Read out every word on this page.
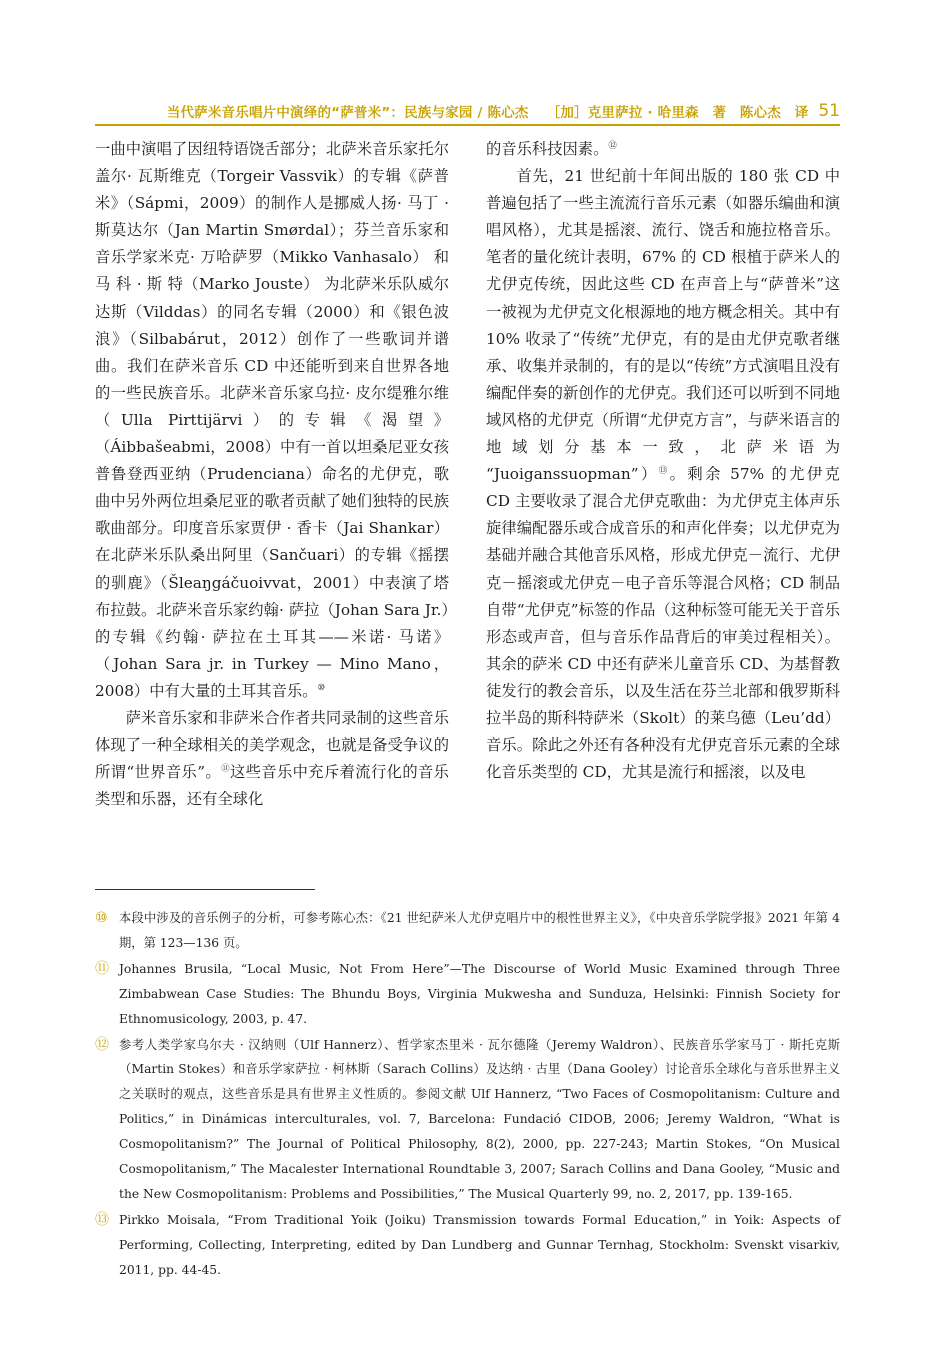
当代萨米音乐唱片中演绎的“萨普米”：民族与家园 / 陈心杰 ［加］克里萨拉 · 哈里森　著　陈心杰　译 51

一曲中演唱了因纽特语饶舌部分；北萨米音乐家托尔盖尔· 瓦斯维克（Torgeir Vassvik）的专辑《萨普米》（Sápmi，2009）的制作人是挪威人扬· 马丁 · 斯莫达尔（Jan Martin Smørdal）；芬兰音乐家和音乐学家米克· 万哈萨罗（Mikko Vanhasalo） 和 马 科 · 斯 特（Marko Jouste） 为北萨米乐队威尔达斯（Vilddas）的同名专辑（2000）和《银色波浪》（Silbabárut，2012）创作了一些歌词并谱曲。我们在萨米音乐 CD 中还能听到来自世界各地的一些民族音乐。北萨米音乐家乌拉· 皮尔缇雅尔维（Ulla Pirttijärvi）的专辑《渴望》（Áibbašeabmi，2008）中有一首以坦桑尼亚女孩普鲁登西亚纳（Prudenciana）命名的尤伊克，歌曲中另外两位坦桑尼亚的歌者贡献了她们独特的民族歌曲部分。印度音乐家贾伊 · 香卡（Jai Shankar）在北萨米乐队桑出阿里（Sančuari）的专辑《摇摆的驯鹿》（Šleaŋgáčuoivvat，2001）中表演了塔布拉鼓。北萨米音乐家约翰· 萨拉（Johan Sara Jr.）的专辑《约翰· 萨拉在土耳其——米诺· 马诺》（Johan Sara jr. in Turkey — Mino Mano，2008）中有大量的土耳其音乐。⑩

萨米音乐家和非萨米合作者共同录制的这些音乐体现了一种全球相关的美学观念，也就是备受争议的所谓“世界音乐”。⑪这些音乐中充斥着流行化的音乐类型和乐器，还有全球化

的音乐科技因素。⑫

首先，21 世纪前十年间出版的 180 张 CD 中普遍包括了一些主流流行音乐元素（如器乐编曲和演唱风格），尤其是摇滚、流行、饶舌和施拉格音乐。笔者的量化统计表明，67% 的 CD 根植于萨米人的尤伊克传统，因此这些 CD 在声音上与“萨普米”这一被视为尤伊克文化根源地的地方概念相关。其中有 10% 收录了“传统”尤伊克，有的是由尤伊克歌者继承、收集并录制的，有的是以“传统”方式演唱且没有编配伴奏的新创作的尤伊克。我们还可以听到不同地域风格的尤伊克（所谓“尤伊克方言”，与萨米语言的地域划分基本一致，北萨米语为 “Juoiganssuopman”）⑬。剩余 57% 的尤伊克 CD 主要收录了混合尤伊克歌曲：为尤伊克主体声乐旋律编配器乐或合成音乐的和声化伴奏；以尤伊克为基础并融合其他音乐风格，形成尤伊克－流行、尤伊克－摇滚或尤伊克－电子音乐等混合风格；CD 制品自带“尤伊克”标签的作品（这种标签可能无关于音乐形态或声音，但与音乐作品背后的审美过程相关）。其余的萨米 CD 中还有萨米儿童音乐 CD、为基督教徒发行的教会音乐，以及生活在芬兰北部和俄罗斯科拉半岛的斯科特萨米（Skolt）的莱乌德（Leu’dd）音乐。除此之外还有各种没有尤伊克音乐元素的全球化音乐类型的 CD，尤其是流行和摇滚，以及电

⑩ 本段中涉及的音乐例子的分析，可参考陈心杰：《21 世纪萨米人尤伊克唱片中的根性世界主义》，《中央音乐学院学报》2021 年第 4 期，第 123—136 页。
⑪ Johannes Brusila, “Local Music, Not From Here”—The Discourse of World Music Examined through Three Zimbabwean Case Studies: The Bhundu Boys, Virginia Mukwesha and Sunduza, Helsinki: Finnish Society for Ethnomusicology, 2003, p. 47.
⑫ 参考人类学家乌尔夫 · 汉纳则（Ulf Hannerz）、哲学家杰里米 · 瓦尔德隆（Jeremy Waldron）、民族音乐学家马丁 · 斯托克斯（Martin Stokes）和音乐学家萨拉 · 柯林斯（Sarach Collins）及达纳 · 古里（Dana Gooley）讨论音乐全球化与音乐世界主义之关联时的观点，这些音乐是具有世界主义性质的。参阅文献 Ulf Hannerz, “Two Faces of Cosmopolitanism: Culture and Politics,” in Dinámicas interculturales, vol. 7, Barcelona: Fundació CIDOB, 2006; Jeremy Waldron, “What is Cosmopolitanism?” The Journal of Political Philosophy, 8(2), 2000, pp. 227-243; Martin Stokes, “On Musical Cosmopolitanism,” The Macalester International Roundtable 3, 2007; Sarach Collins and Dana Gooley, “Music and the New Cosmopolitanism: Problems and Possibilities,” The Musical Quarterly 99, no. 2, 2017, pp. 139-165.
⑬ Pirkko Moisala, “From Traditional Yoik (Joiku) Transmission towards Formal Education,” in Yoik: Aspects of Performing, Collecting, Interpreting, edited by Dan Lundberg and Gunnar Ternhag, Stockholm: Svenskt visarkiv, 2011, pp. 44-45.
